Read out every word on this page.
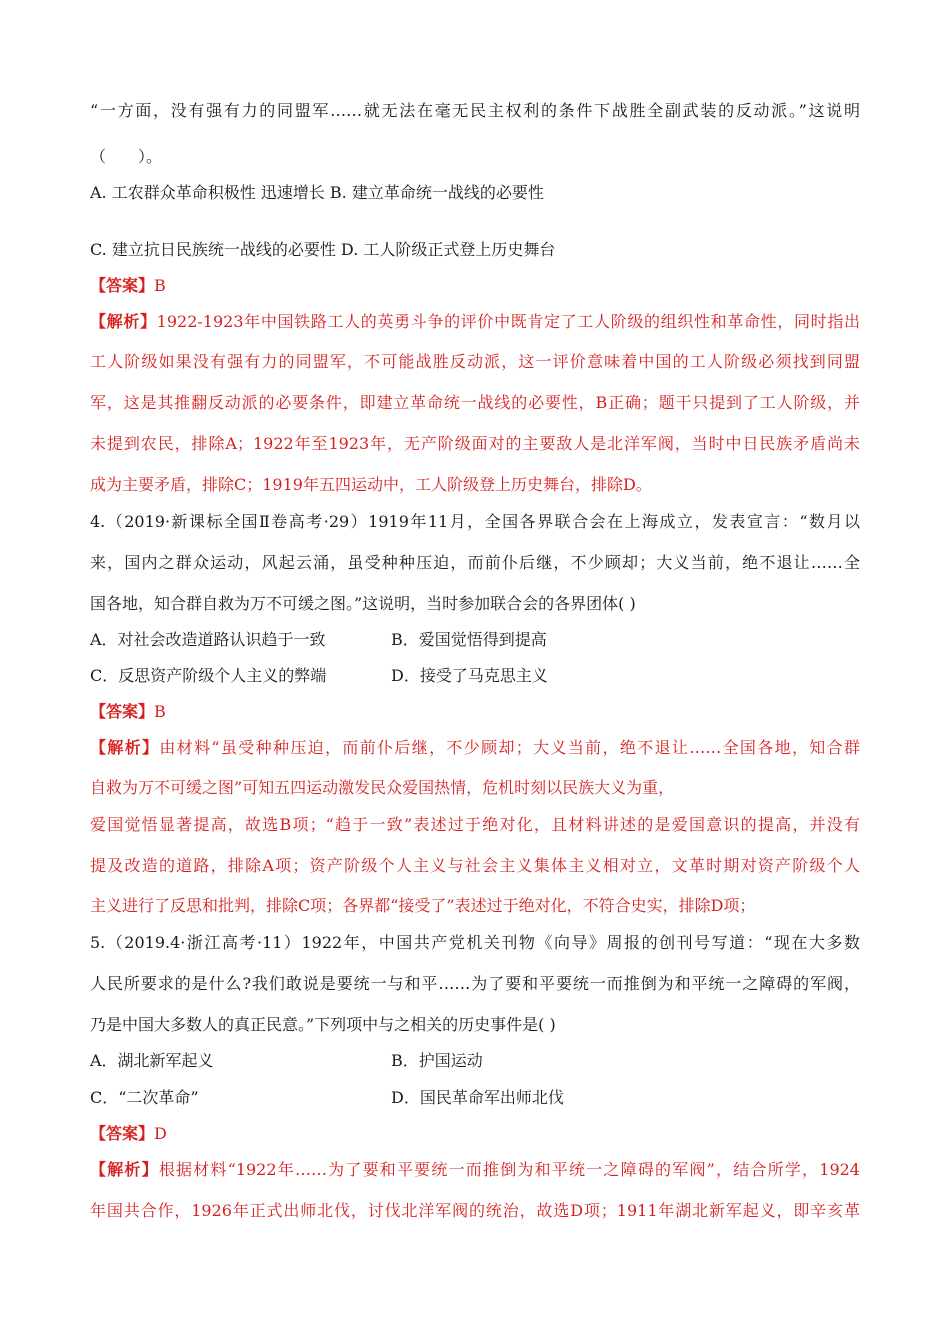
“一方面，没有强有力的同盟军……就无法在毫无民主权利的条件下战胜全副武装的反动派。”这说明
（　　）。
A. 工农群众革命积极性 迅速增长 B. 建立革命统一战线的必要性
C. 建立抗日民族统一战线的必要性 D. 工人阶级正式登上历史舞台
【答案】B
【解析】1922-1923年中国铁路工人的英勇斗争的评价中既肯定了工人阶级的组织性和革命性，同时指出
工人阶级如果没有强有力的同盟军，不可能战胜反动派，这一评价意味着中国的工人阶级必须找到同盟
军，这是其推翻反动派的必要条件，即建立革命统一战线的必要性，B正确；题干只提到了工人阶级，并
未提到农民，排除A；1922年至1923年，无产阶级面对的主要敌人是北洋军阀，当时中日民族矛盾尚未
成为主要矛盾，排除C；1919年五四运动中，工人阶级登上历史舞台，排除D。
4.（2019·新课标全国Ⅱ卷高考·29）1919年11月，全国各界联合会在上海成立，发表宣言：“数月以
来，国内之群众运动，风起云涌，虽受种种压迫，而前仆后继，不少顾却；大义当前，绝不退让……全
国各地，知合群自救为万不可缓之图。”这说明，当时参加联合会的各界团体( )
A．对社会改造道路认识趋于一致	B．爱国觉悟得到提高
C．反思资产阶级个人主义的弊端	D．接受了马克思主义
【答案】B
【解析】由材料“虽受种种压迫，而前仆后继，不少顾却；大义当前，绝不退让……全国各地，知合群
自救为万不可缓之图”可知五四运动激发民众爱国热情，危机时刻以民族大义为重，
爱国觉悟显著提高，故选B项；“趋于一致”表述过于绝对化，且材料讲述的是爱国意识的提高，并没有
提及改造的道路，排除A项；资产阶级个人主义与社会主义集体主义相对立，文革时期对资产阶级个人
主义进行了反思和批判，排除C项；各界都“接受了”表述过于绝对化，不符合史实，排除D项；
5.（2019.4·浙江高考·11）1922年，中国共产党机关刊物《向导》周报的创刊号写道：“现在大多数
人民所要求的是什么?我们敢说是要统一与和平……为了要和平要统一而推倒为和平统一之障碍的军阀，
乃是中国大多数人的真正民意。”下列项中与之相关的历史事件是( )
A．湖北新军起义	B．护国运动
C．“二次革命”	D．国民革命军出师北伐
【答案】D
【解析】根据材料“1922年……为了要和平要统一而推倒为和平统一之障碍的军阀”，结合所学，1924
年国共合作，1926年正式出师北伐，讨伐北洋军阀的统治，故选D项；1911年湖北新军起义，即辛亥革
